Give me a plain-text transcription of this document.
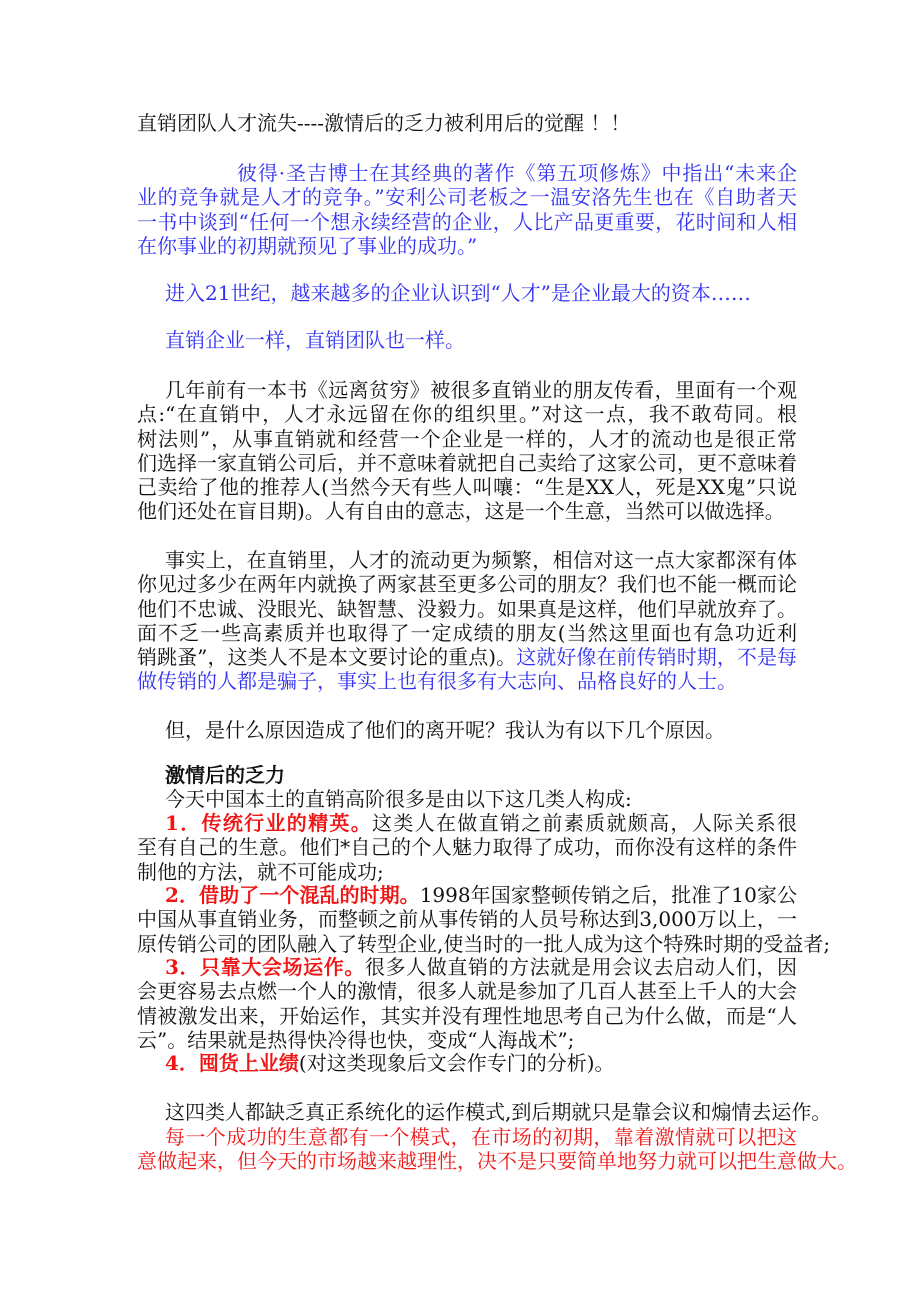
直销团队人才流失----激情后的乏力被利用后的觉醒 ！！
彼得·圣吉博士在其经典的著作《第五项修炼》中指出“未来企
业的竞争就是人才的竞争。”安利公司老板之一温安洛先生也在《自助者天
一书中谈到“任何一个想永续经营的企业，人比产品更重要，花时间和人相
在你事业的初期就预见了事业的成功。”
进入21世纪，越来越多的企业认识到“人才”是企业最大的资本……
直销企业一样，直销团队也一样。
几年前有一本书《远离贫穷》被很多直销业的朋友传看，里面有一个观
点:“在直销中，人才永远留在你的组织里。”对这一点，我不敢苟同。根
树法则”，从事直销就和经营一个企业是一样的，人才的流动也是很正常
们选择一家直销公司后，并不意味着就把自己卖给了这家公司，更不意味着
己卖给了他的推荐人(当然今天有些人叫嚷：“生是XX人，死是XX鬼”只说
他们还处在盲目期)。人有自由的意志，这是一个生意，当然可以做选择。
事实上，在直销里，人才的流动更为频繁，相信对这一点大家都深有体
你见过多少在两年内就换了两家甚至更多公司的朋友？我们也不能一概而论
他们不忠诚、没眼光、缺智慧、没毅力。如果真是这样，他们早就放弃了。
面不乏一些高素质并也取得了一定成绩的朋友(当然这里面也有急功近利
销跳蚤”，这类人不是本文要讨论的重点)。这就好像在前传销时期，不是每
做传销的人都是骗子，事实上也有很多有大志向、品格良好的人士。
但，是什么原因造成了他们的离开呢？我认为有以下几个原因。
激情后的乏力
今天中国本土的直销高阶很多是由以下这几类人构成:
1．传统行业的精英。这类人在做直销之前素质就颇高，人际关系很
至有自己的生意。他们*自己的个人魅力取得了成功，而你没有这样的条件
制他的方法，就不可能成功;
2．借助了一个混乱的时期。1998年国家整顿传销之后，批准了10家公
中国从事直销业务，而整顿之前从事传销的人员号称达到3,000万以上，一
原传销公司的团队融入了转型企业,使当时的一批人成为这个特殊时期的受益者;
3．只靠大会场运作。很多人做直销的方法就是用会议去启动人们，因
会更容易去点燃一个人的激情，很多人就是参加了几百人甚至上千人的大会
情被激发出来，开始运作，其实并没有理性地思考自己为什么做，而是“人
云”。结果就是热得快冷得也快，变成“人海战术”;
4．囤货上业绩(对这类现象后文会作专门的分析)。
这四类人都缺乏真正系统化的运作模式,到后期就只是靠会议和煽情去运作。
每一个成功的生意都有一个模式，在市场的初期，靠着激情就可以把这
意做起来，但今天的市场越来越理性，决不是只要简单地努力就可以把生意做大。
